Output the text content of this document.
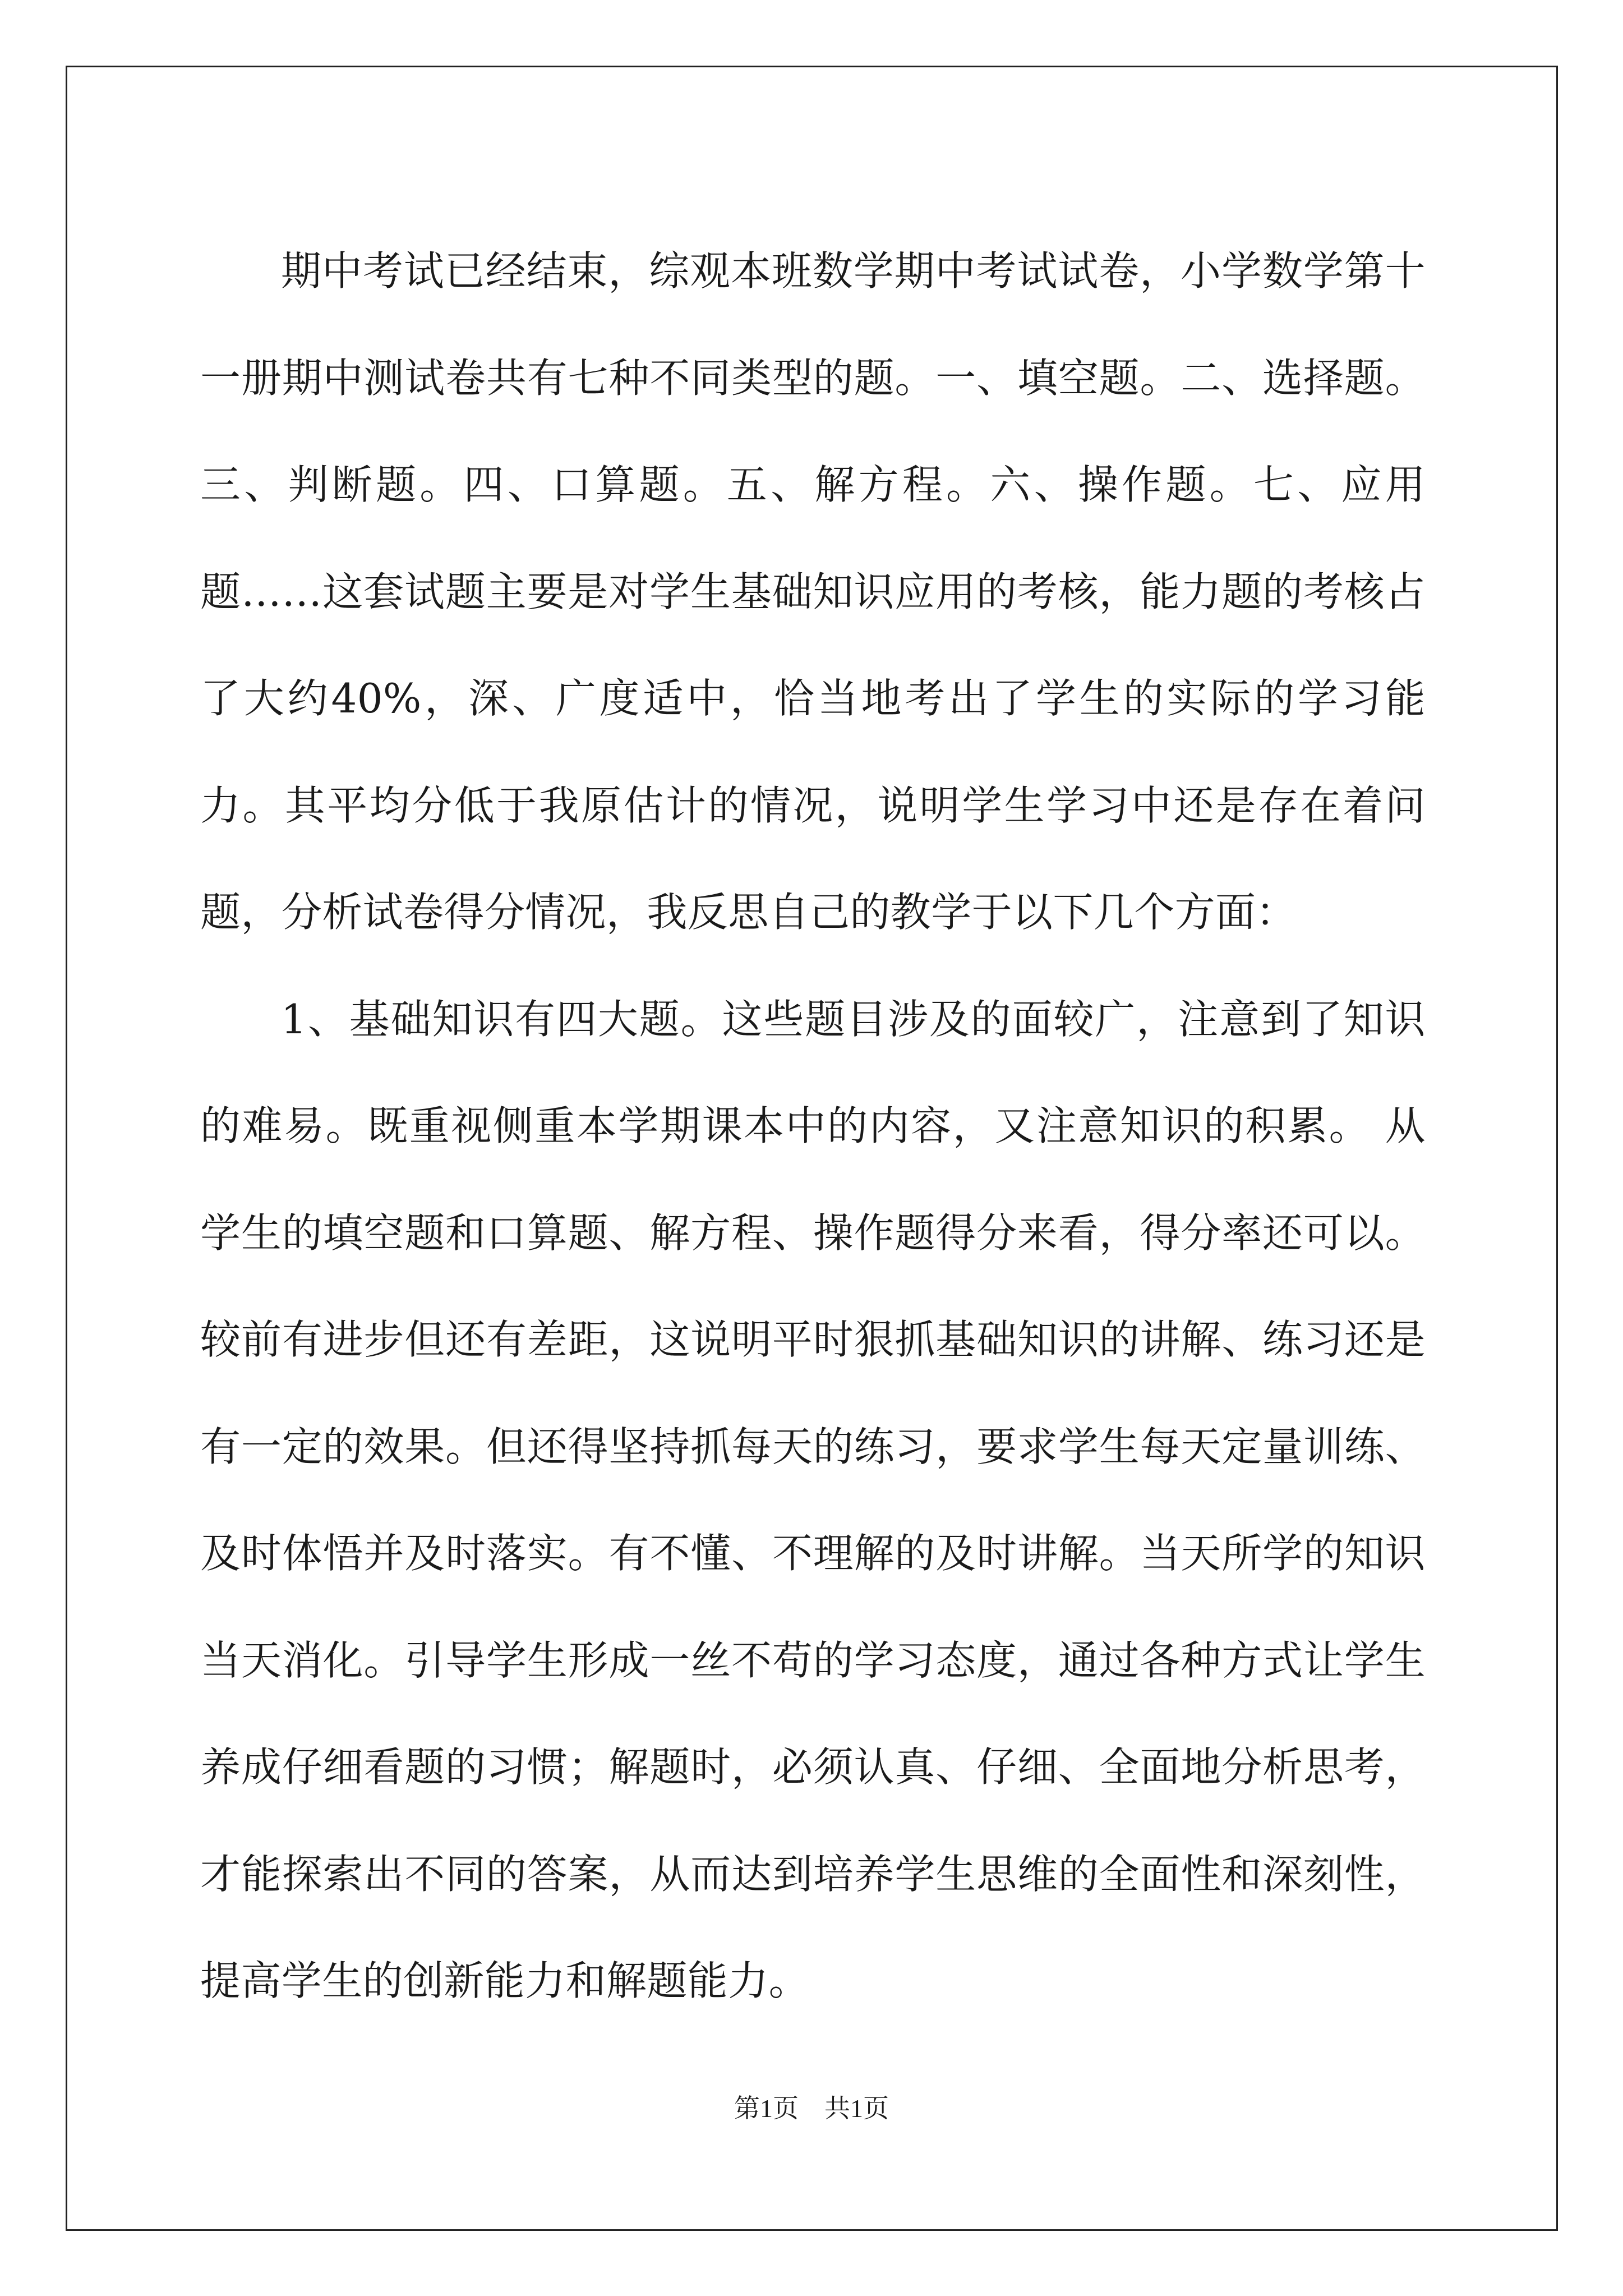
期中考试已经结束，综观本班数学期中考试试卷，小学数学第十一册期中测试卷共有七种不同类型的题。一、填空题。二、选择题。三、判断题。四、口算题。五、解方程。六、操作题。七、应用题……这套试题主要是对学生基础知识应用的考核，能力题的考核占了大约40%，深、广度适中，恰当地考出了学生的实际的学习能力。其平均分低于我原估计的情况，说明学生学习中还是存在着问题，分析试卷得分情况，我反思自己的教学于以下几个方面：

1、基础知识有四大题。这些题目涉及的面较广，注意到了知识的难易。既重视侧重本学期课本中的内容，又注意知识的积累。 从学生的填空题和口算题、解方程、操作题得分来看，得分率还可以。较前有进步但还有差距，这说明平时狠抓基础知识的讲解、练习还是有一定的效果。但还得坚持抓每天的练习，要求学生每天定量训练、及时体悟并及时落实。有不懂、不理解的及时讲解。当天所学的知识当天消化。引导学生形成一丝不苟的学习态度，通过各种方式让学生养成仔细看题的习惯；解题时，必须认真、仔细、全面地分析思考，才能探索出不同的答案，从而达到培养学生思维的全面性和深刻性，提高学生的创新能力和解题能力。

第1页　共1页
